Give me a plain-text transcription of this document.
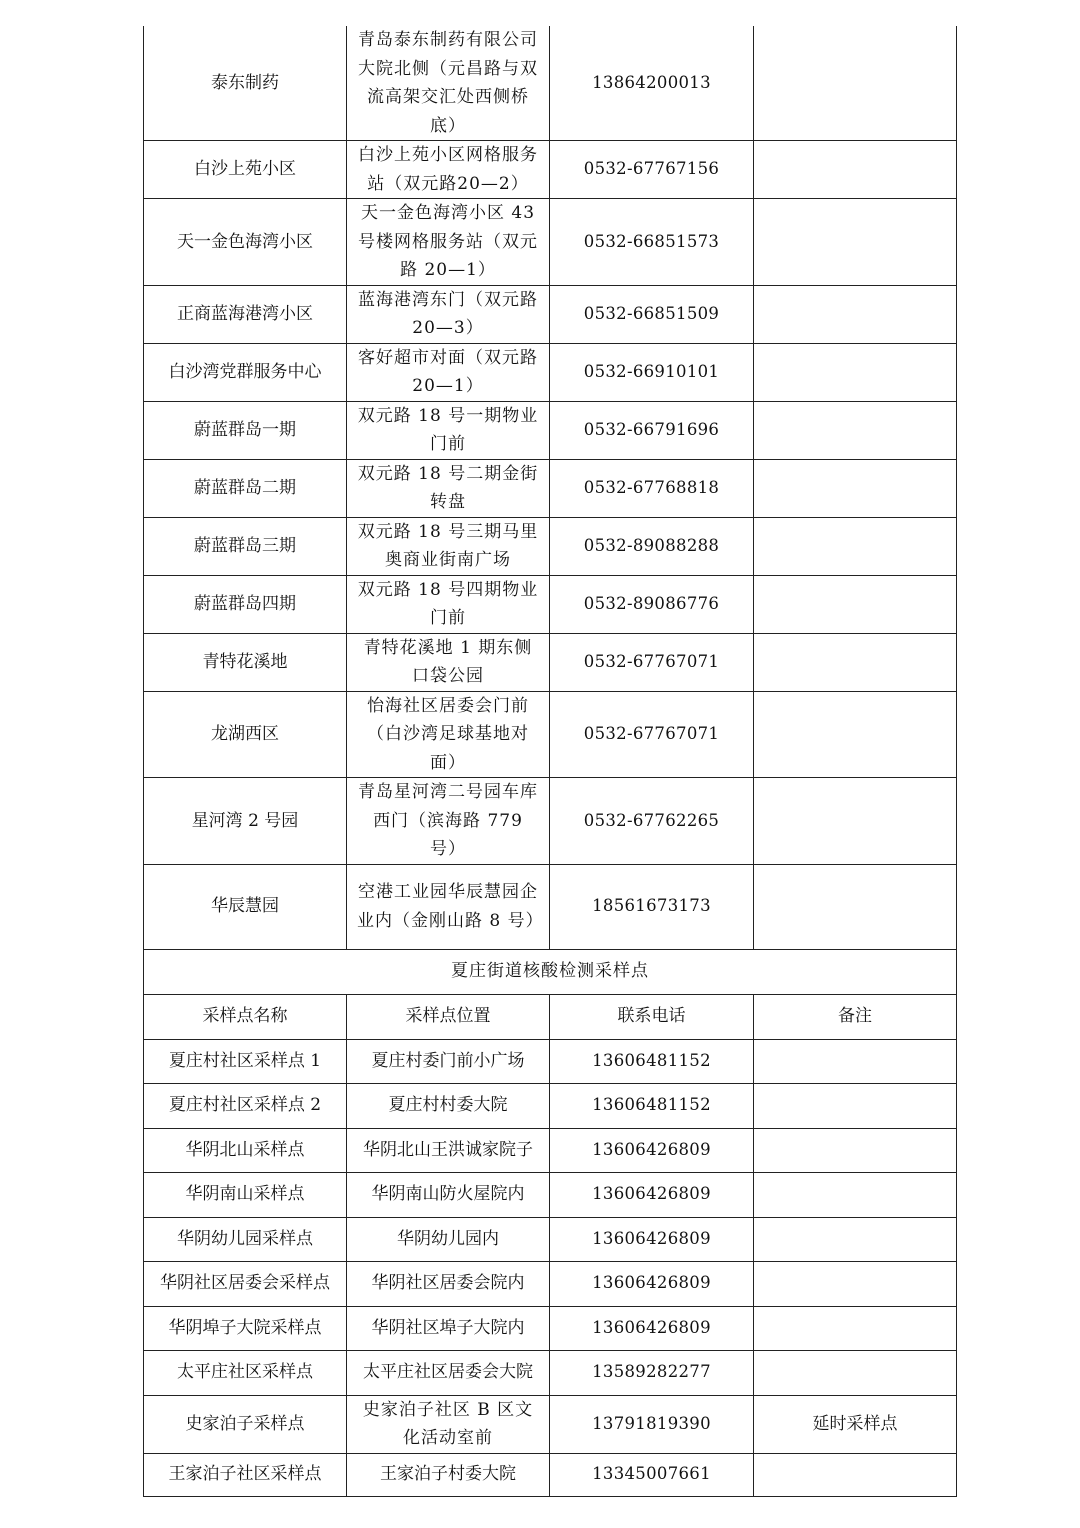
泰东制药	青岛泰东制药有限公司大院北侧（元昌路与双流高架交汇处西侧桥底）	13864200013	
白沙上苑小区	白沙上苑小区网格服务站（双元路20—2）	0532-67767156	
天一金色海湾小区	天一金色海湾小区 43 号楼网格服务站（双元路 20—1）	0532-66851573	
正商蓝海港湾小区	蓝海港湾东门（双元路 20—3）	0532-66851509	
白沙湾党群服务中心	客好超市对面（双元路 20—1）	0532-66910101	
蔚蓝群岛一期	双元路 18 号一期物业门前	0532-66791696	
蔚蓝群岛二期	双元路 18 号二期金街转盘	0532-67768818	
蔚蓝群岛三期	双元路 18 号三期马里奥商业街南广场	0532-89088288	
蔚蓝群岛四期	双元路 18 号四期物业门前	0532-89086776	
青特花溪地	青特花溪地 1 期东侧口袋公园	0532-67767071	
龙湖西区	怡海社区居委会门前（白沙湾足球基地对面）	0532-67767071	
星河湾 2 号园	青岛星河湾二号园车库西门（滨海路 779 号）	0532-67762265	
华辰慧园	空港工业园华辰慧园企业内（金刚山路 8 号）	18561673173	
夏庄街道核酸检测采样点			
采样点名称	采样点位置	联系电话	备注
夏庄村社区采样点 1	夏庄村委门前小广场	13606481152	
夏庄村社区采样点 2	夏庄村村委大院	13606481152	
华阴北山采样点	华阴北山王洪诚家院子	13606426809	
华阴南山采样点	华阴南山防火屋院内	13606426809	
华阴幼儿园采样点	华阴幼儿园内	13606426809	
华阴社区居委会采样点	华阴社区居委会院内	13606426809	
华阴埠子大院采样点	华阴社区埠子大院内	13606426809	
太平庄社区采样点	太平庄社区居委会大院	13589282277	
史家泊子采样点	史家泊子社区 B 区文化活动室前	13791819390	延时采样点
王家泊子社区采样点	王家泊子村委大院	13345007661	
